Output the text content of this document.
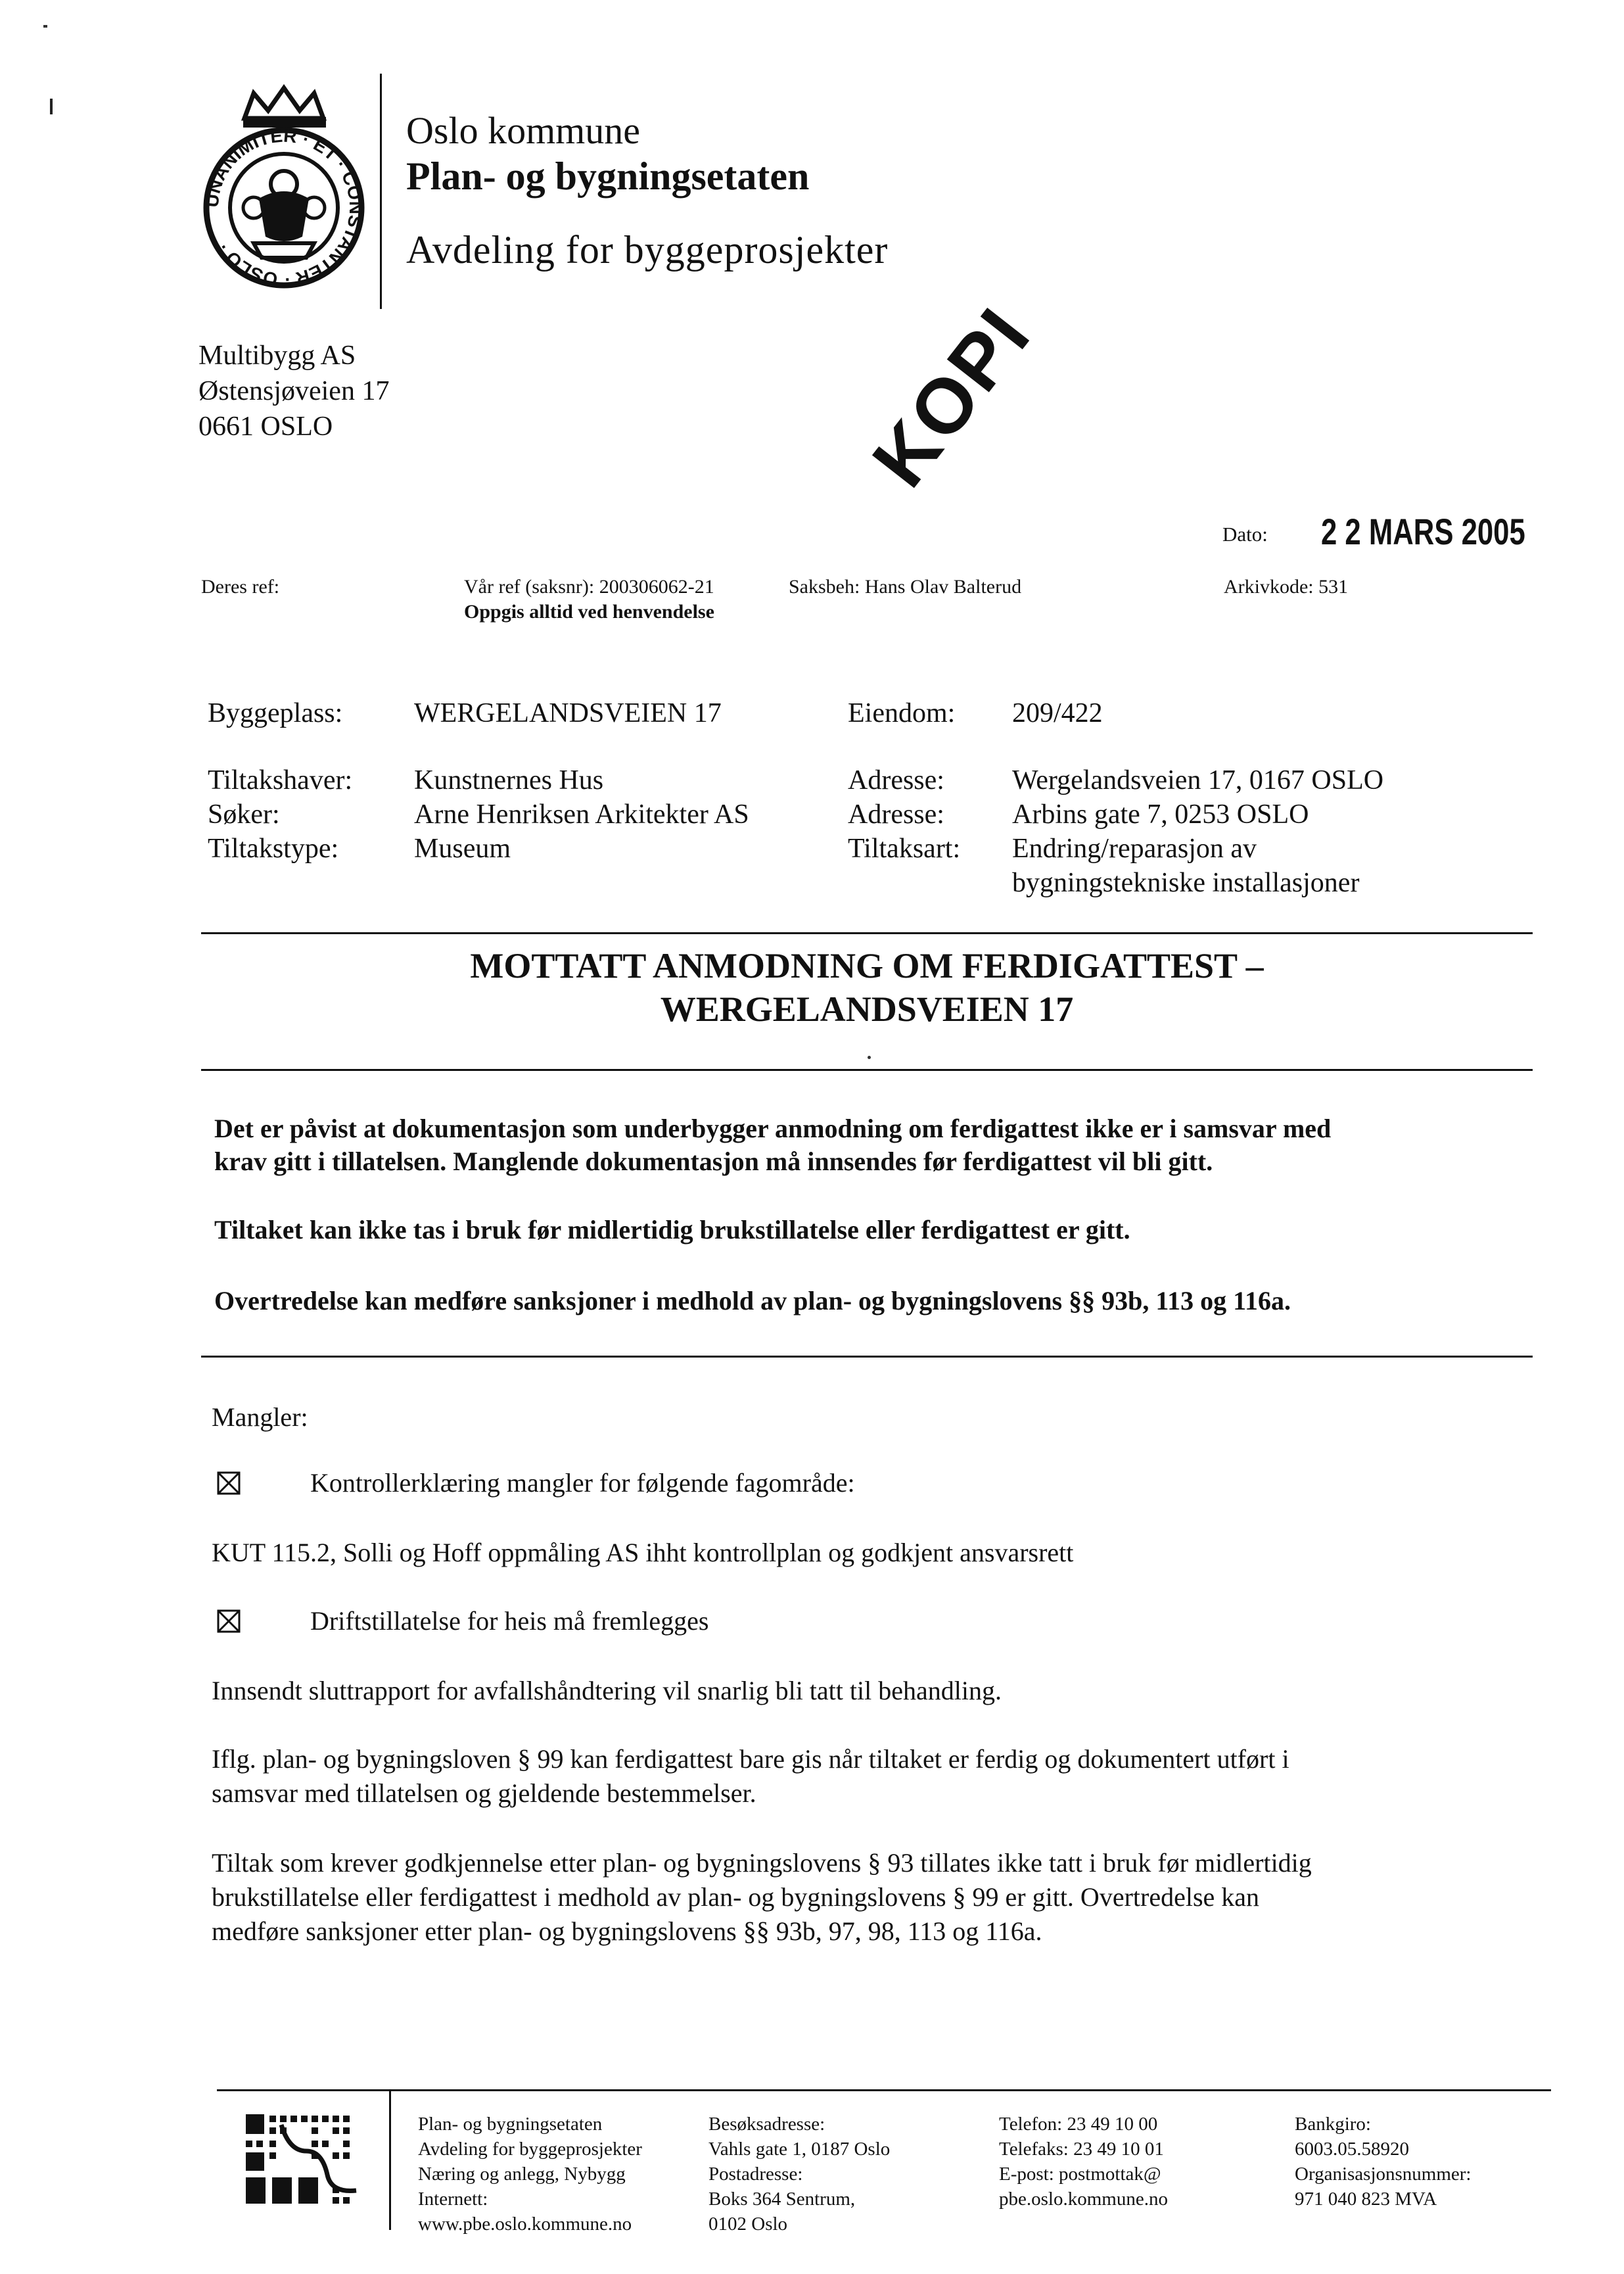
UNANIMITER · ET · CONSTANTER · OSLO ·
Oslo kommune
Plan- og bygningsetaten
Avdeling for byggeprosjekter
Multibygg AS
Østensjøveien 17
0661 OSLO	KOPI
Dato: 2 2 MARS 2005
Deres ref:	Vår ref (saksnr): 200306062-21
Oppgis alltid ved henvendelse
Saksbeh: Hans Olav Balterud	Arkivkode: 531
Byggeplass:	WERGELANDSVEIEN 17	Eiendom: 209/422
Tiltakshaver: Kunstnernes Hus	Adresse: Wergelandsveien 17, 0167 OSLO
Søker:	Arne Henriksen Arkitekter AS	Adresse: Arbins gate 7, 0253 OSLO
Tiltakstype:	Museum	Tiltaksart: Endring/reparasjon av
bygningstekniske installasjoner
MOTTATT ANMODNING OM FERDIGATTEST –
WERGELANDSVEIEN 17
Det er påvist at dokumentasjon som underbygger anmodning om ferdigattest ikke er i samsvar med
krav gitt i tillatelsen. Manglende dokumentasjon må innsendes før ferdigattest vil bli gitt.
Tiltaket kan ikke tas i bruk før midlertidig brukstillatelse eller ferdigattest er gitt.
Overtredelse kan medføre sanksjoner i medhold av plan- og bygningslovens §§ 93b, 113 og 116a.
Mangler:
Kontrollerklæring mangler for følgende fagområde:
KUT 115.2, Solli og Hoff oppmåling AS ihht kontrollplan og godkjent ansvarsrett
Driftstillatelse for heis må fremlegges
Innsendt sluttrapport for avfallshåndtering vil snarlig bli tatt til behandling.
Iflg. plan- og bygningsloven § 99 kan ferdigattest bare gis når tiltaket er ferdig og dokumentert utført i
samsvar med tillatelsen og gjeldende bestemmelser.
Tiltak som krever godkjennelse etter plan- og bygningslovens § 93 tillates ikke tatt i bruk før midlertidig
brukstillatelse eller ferdigattest i medhold av plan- og bygningslovens § 99 er gitt. Overtredelse kan
medføre sanksjoner etter plan- og bygningslovens §§ 93b, 97, 98, 113 og 116a.
Plan- og bygningsetaten
Avdeling for byggeprosjekter
Næring og anlegg, Nybygg
Internett:
www.pbe.oslo.kommune.no
Besøksadresse:
Vahls gate 1, 0187 Oslo
Postadresse:
Boks 364 Sentrum,
0102 Oslo
Telefon: 23 49 10 00
Telefaks: 23 49 10 01
E-post: postmottak@
pbe.oslo.kommune.no
Bankgiro:
6003.05.58920
Organisasjonsnummer:
971 040 823 MVA
